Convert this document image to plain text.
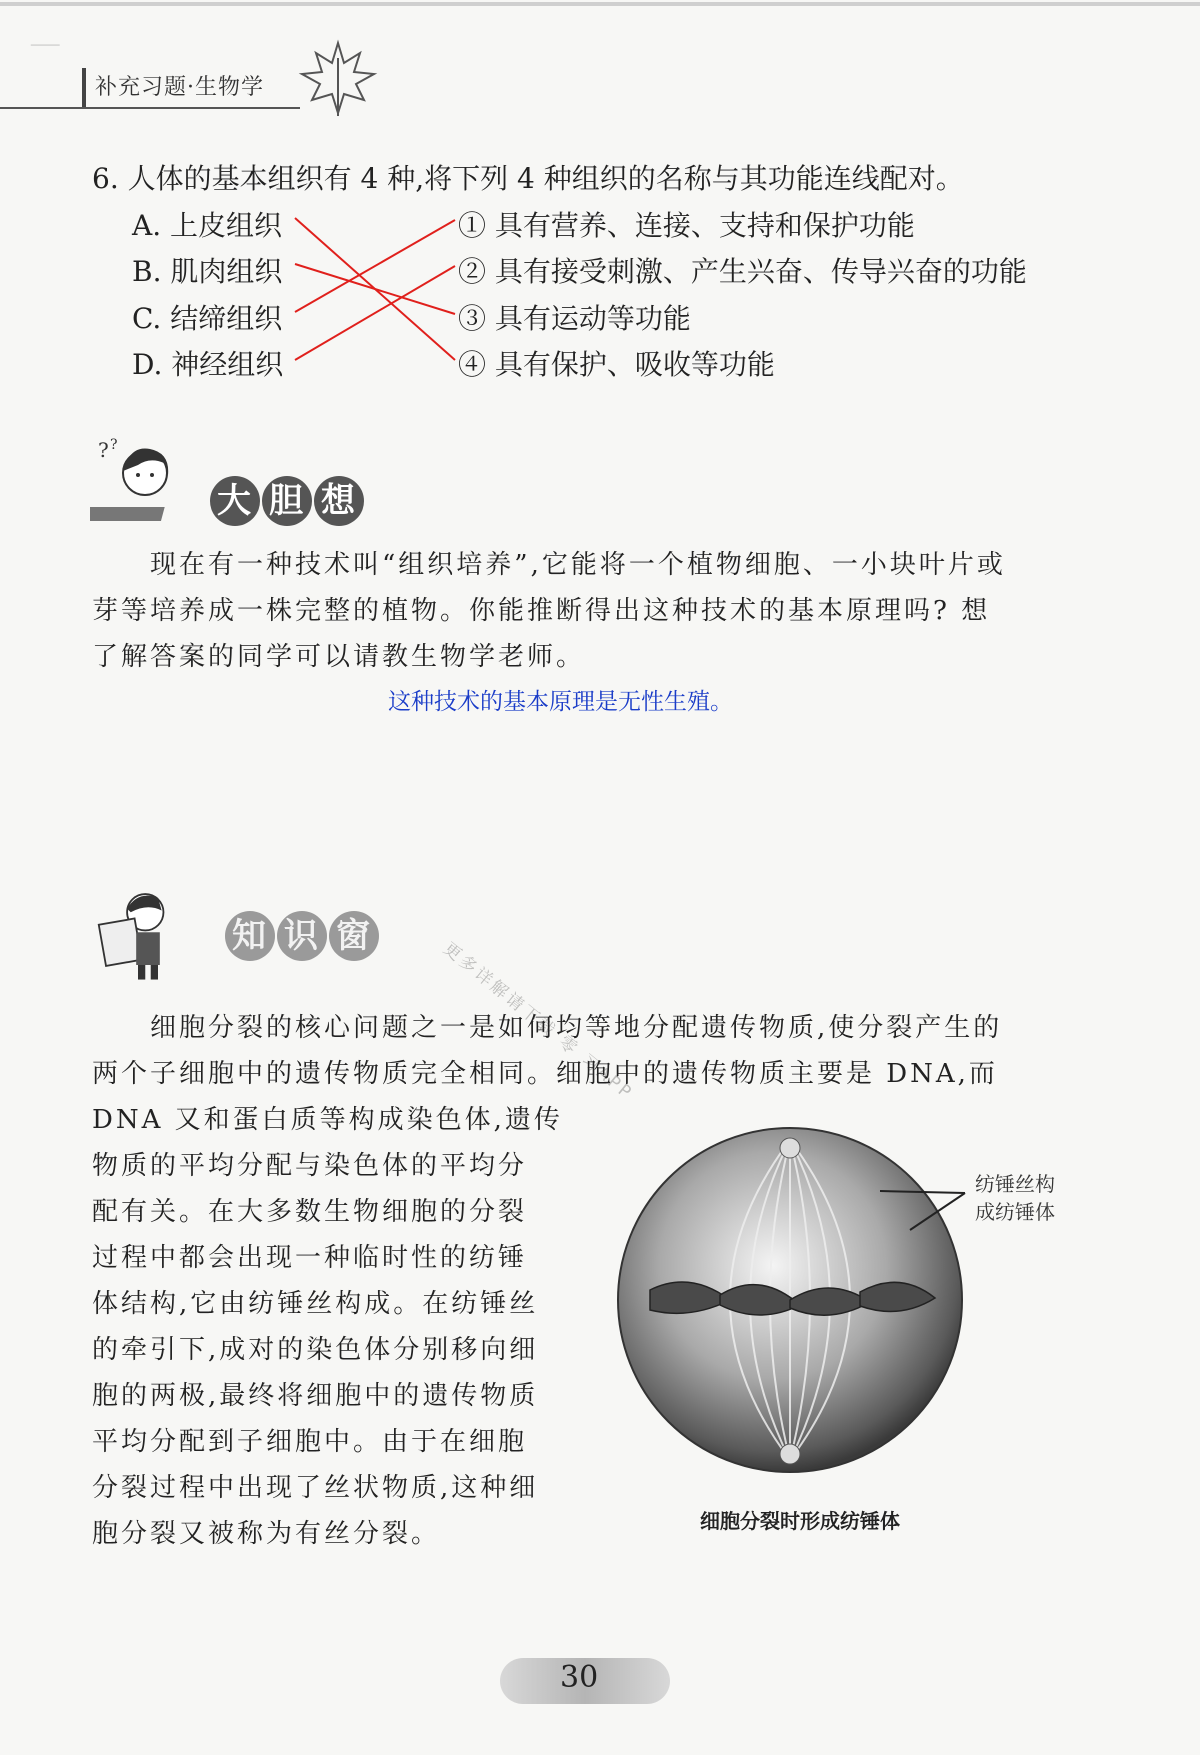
⸺
补充习题·生物学
6. 人体的基本组织有 4 种,将下列 4 种组织的名称与其功能连线配对。
A. 上皮组织
B. 肌肉组织
C. 结缔组织
D. 神经组织
① 具有营养、连接、支持和保护功能
② 具有接受刺激、产生兴奋、传导兴奋的功能
③ 具有运动等功能
④ 具有保护、吸收等功能
? ?
大 胆 想
现在有一种技术叫“组织培养”,它能将一个植物细胞、一小块叶片或
芽等培养成一株完整的植物。你能推断得出这种技术的基本原理吗? 想
了解答案的同学可以请教生物学老师。
这种技术的基本原理是无性生殖。
知 识 窗
更多详解请下载 零 习APP
细胞分裂的核心问题之一是如何均等地分配遗传物质,使分裂产生的
两个子细胞中的遗传物质完全相同。细胞中的遗传物质主要是 DNA,而
DNA 又和蛋白质等构成染色体,遗传
物质的平均分配与染色体的平均分
配有关。在大多数生物细胞的分裂
过程中都会出现一种临时性的纺锤
体结构,它由纺锤丝构成。在纺锤丝
的牵引下,成对的染色体分别移向细
胞的两极,最终将细胞中的遗传物质
平均分配到子细胞中。由于在细胞
分裂过程中出现了丝状物质,这种细
胞分裂又被称为有丝分裂。
纺锤丝构
成纺锤体
细胞分裂时形成纺锤体
30
